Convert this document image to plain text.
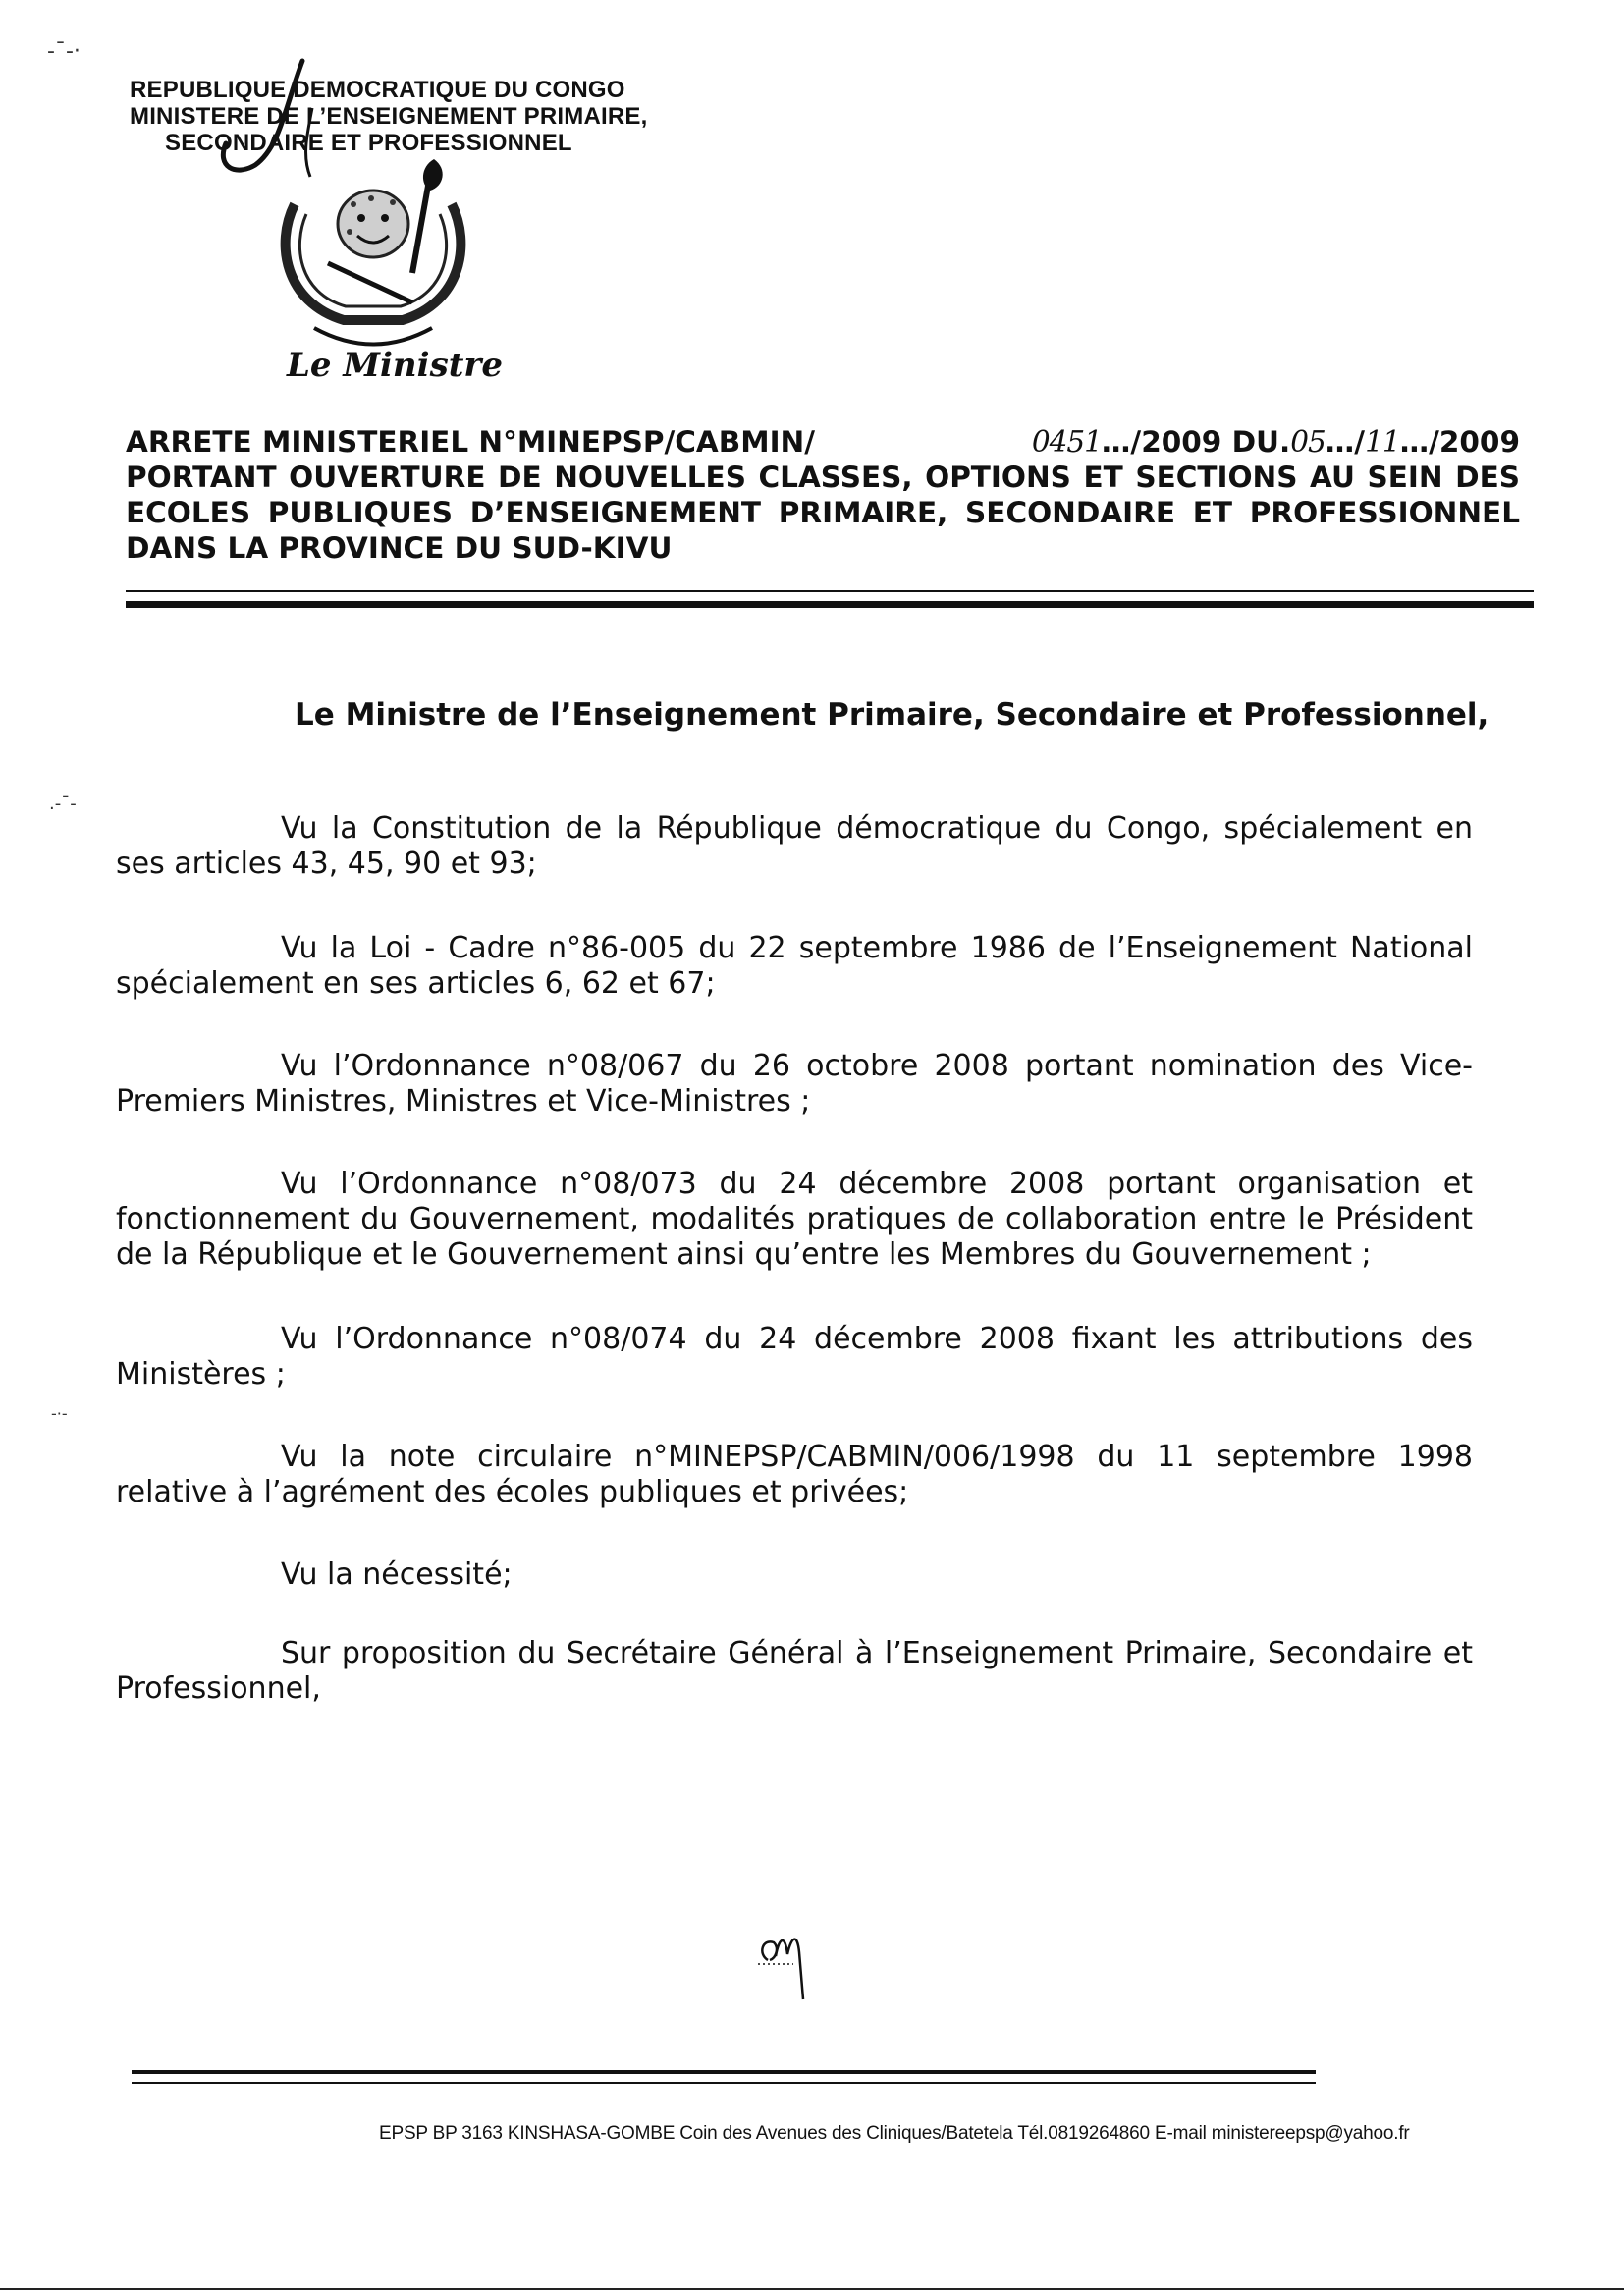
-¯-·
.-¯-
-·-
REPUBLIQUE DEMOCRATIQUE DU CONGO
MINISTERE DE L’ENSEIGNEMENT PRIMAIRE,
SECONDAIRE ET PROFESSIONNEL
Le Ministre
ARRETE MINISTERIEL N°MINEPSP/CABMIN/	0451…/2009 DU.05…/11…/2009
PORTANT OUVERTURE DE NOUVELLES CLASSES, OPTIONS ET SECTIONS AU SEIN DES
ECOLES PUBLIQUES D’ENSEIGNEMENT PRIMAIRE, SECONDAIRE ET PROFESSIONNEL
DANS LA PROVINCE DU SUD-KIVU
Le Ministre de l’Enseignement Primaire, Secondaire et Professionnel,

Vu la Constitution de la République démocratique du Congo, spécialement en ses articles 43, 45, 90 et 93;

Vu la Loi - Cadre n°86-005 du 22 septembre 1986 de l’Enseignement National spécialement en ses articles 6, 62 et 67;

Vu l’Ordonnance n°08/067 du 26 octobre 2008 portant nomination des Vice-Premiers Ministres, Ministres et Vice-Ministres ;

Vu l’Ordonnance n°08/073 du 24 décembre 2008 portant organisation et fonctionnement du Gouvernement, modalités pratiques de collaboration entre le Président de la République et le Gouvernement ainsi qu’entre les Membres du Gouvernement ;

Vu l’Ordonnance n°08/074 du 24 décembre 2008 fixant les attributions des Ministères ;

Vu la note circulaire n°MINEPSP/CABMIN/006/1998 du 11 septembre 1998 relative à l’agrément des écoles publiques et privées;

Vu la nécessité;

Sur proposition du Secrétaire Général à l’Enseignement Primaire, Secondaire et Professionnel,

EPSP BP 3163 KINSHASA-GOMBE Coin des Avenues des Cliniques/Batetela Tél.0819264860 E-mail ministereepsp@yahoo.fr
